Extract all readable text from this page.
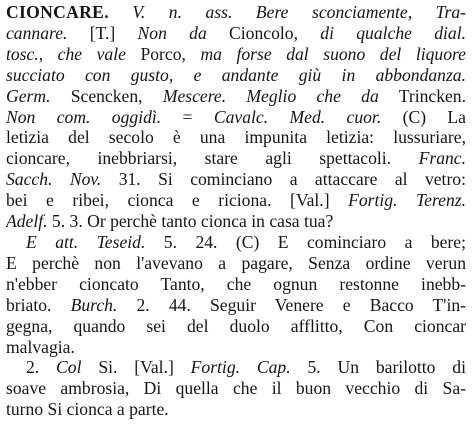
CIONCARE. V. n. ass. Bere sconciamente, Tra-
cannare. [T.] Non da Cioncolo, di qualche dial.
tosc., che vale Porco, ma forse dal suono del liquore
succiato con gusto, e andante giù in abbondanza.
Germ. Scencken, Mescere. Meglio che da Trincken.
Non com. oggidì. = Cavalc. Med. cuor. (C) La
letizia del secolo è una impunita letizia: lussuriare,
cioncare, inebbriarsi, stare agli spettacoli. Franc.
Sacch. Nov. 31. Si cominciano a attaccare al vetro:
bei e ribei, cionca e riciona. [Val.] Fortig. Terenz.
Adelf. 5. 3. Or perchè tanto cionca in casa tua?
E att. Teseid. 5. 24. (C) E cominciaro a bere;
E perchè non l'avevano a pagare, Senza ordine verun
n'ebber cioncato Tanto, che ognun restonne inebb-
briato. Burch. 2. 44. Seguir Venere e Bacco T'in-
gegna, quando sei del duolo afflitto, Con cioncar
malvagia.
2. Col Si. [Val.] Fortig. Cap. 5. Un barilotto di
soave ambrosia, Di quella che il buon vecchio di Sa-
turno Si cionca a parte.
